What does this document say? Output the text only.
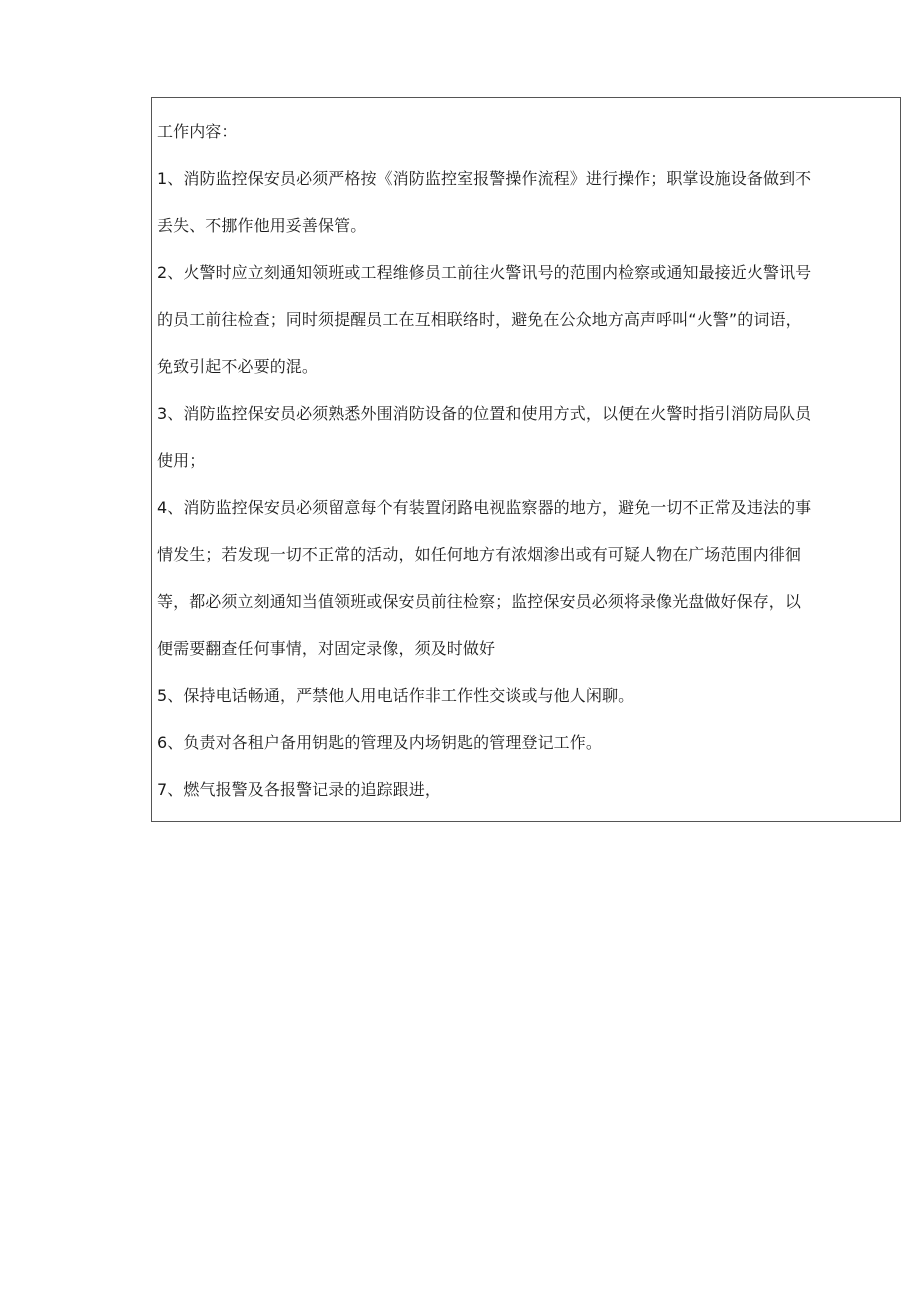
工作内容：

1、消防监控保安员必须严格按《消防监控室报警操作流程》进行操作；职掌设施设备做到不

丢失、不挪作他用妥善保管。

2、火警时应立刻通知领班或工程维修员工前往火警讯号的范围内检察或通知最接近火警讯号

的员工前往检查；同时须提醒员工在互相联络时，避免在公众地方高声呼叫“火警”的词语，

免致引起不必要的混。

3、消防监控保安员必须熟悉外围消防设备的位置和使用方式，以便在火警时指引消防局队员

使用；

4、消防监控保安员必须留意每个有装置闭路电视监察器的地方，避免一切不正常及违法的事

情发生；若发现一切不正常的活动，如任何地方有浓烟渗出或有可疑人物在广场范围内徘徊

等，都必须立刻通知当值领班或保安员前往检察；监控保安员必须将录像光盘做好保存，以

便需要翻查任何事情，对固定录像，须及时做好

5、保持电话畅通，严禁他人用电话作非工作性交谈或与他人闲聊。

6、负责对各租户备用钥匙的管理及内场钥匙的管理登记工作。

7、燃气报警及各报警记录的追踪跟进，
